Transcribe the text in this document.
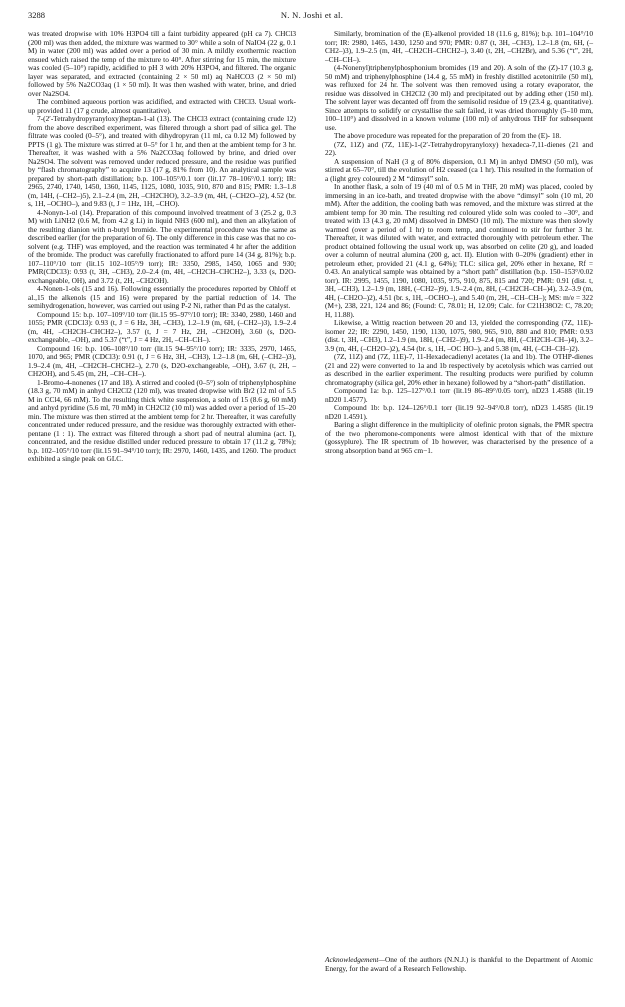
3288	N. N. Joshi et al.

was treated dropwise with 10% H3PO4 till a faint turbidity appeared (pH ca 7). CHCl3 (200 ml) was then added, the mixture was warmed to 30° while a soln of NaIO4 (22 g, 0.1 M) in water (200 ml) was added over a period of 30 min. A mildly exothermic reaction ensued which raised the temp of the mixture to 40°. After stirring for 15 min, the mixture was cooled (5–10°) rapidly, acidified to pH 3 with 20% H3PO4, and filtered. The organic layer was separated, and extracted (containing 2 × 50 ml) aq NaHCO3 (2 × 50 ml) followed by 5% Na2CO3aq (1 × 50 ml). It was then washed with water, brine, and dried over Na2SO4.

The combined aqueous portion was acidified, and extracted with CHCl3. Usual work-up provided 11 (17 g crude, almost quantitative).

7-(2′-Tetrahydropyranyloxy)heptan-1-al (13). The CHCl3 extract (containing crude 12) from the above described experiment, was filtered through a short pad of silica gel. The filtrate was cooled (0–5°), and treated with dihydropyran (11 ml, ca 0.12 M) followed by PPTS (1 g). The mixture was stirred at 0–5° for 1 hr, and then at the ambient temp for 3 hr. Thereafter, it was washed with a 5% Na2CO3aq followed by brine, and dried over Na2SO4. The solvent was removed under reduced pressure, and the residue was purified by “flash chromatography” to acquire 13 (17 g, 81% from 10). An analytical sample was prepared by short-path distillation; b.p. 100–105°/0.1 torr (lit.17 78–106°/0.1 torr); IR: 2965, 2740, 1740, 1450, 1360, 1145, 1125, 1080, 1035, 910, 870 and 815; PMR: 1.3–1.8 (m, 14H, (–CH2–)5), 2.1–2.4 (m, 2H, –CH2CHO), 3.2–3.9 (m, 4H, (–CH2O–)2), 4.52 (br. s, 1H, –OCHO–), and 9.83 (t, J = 1Hz, 1H, –CHO).

4-Nonyn-1-ol (14). Preparation of this compound involved treatment of 3 (25.2 g, 0.3 M) with LiNH2 (0.6 M, from 4.2 g Li) in liquid NH3 (600 ml), and then an alkylation of the resulting dianion with n-butyl bromide. The experimental procedure was the same as described earlier (for the preparation of 6). The only difference in this case was that no co-solvent (e.g. THF) was employed, and the reaction was terminated 4 hr after the addition of the bromide. The product was carefully fractionated to afford pure 14 (34 g, 81%); b.p. 107–110°/10 torr (lit.15 102–105°/9 torr); IR: 3350, 2985, 1450, 1065 and 930; PMR(CDCl3): 0.93 (t, 3H, –CH3), 2.0–2.4 (m, 4H, –CH2CH–CHCH2–), 3.33 (s, D2O-exchangeable, OH), and 3.72 (t, 2H, –CH2OH).

4-Nonen-1-ols (15 and 16). Following essentially the procedures reported by Ohloff et al.,15 the alkenols (15 and 16) were prepared by the partial reduction of 14. The semihydrogenation, however, was carried out using P-2 Ni, rather than Pd as the catalyst.

Compound 15: b.p. 107–109°/10 torr (lit.15 95–97°/10 torr); IR: 3340, 2980, 1460 and 1055; PMR (CDCl3): 0.93 (t, J = 6 Hz, 3H, –CH3), 1.2–1.9 (m, 6H, (–CH2–)3), 1.9–2.4 (m, 4H, –CH2CH–CHCH2–), 3.57 (t, J = 7 Hz, 2H, –CH2OH), 3.60 (s, D2O-exchangeable, –OH), and 5.37 (“t”, J = 4 Hz, 2H, –CH–CH–).

Compound 16: b.p. 106–108°/10 torr (lit.15 94–95°/10 torr); IR: 3335, 2970, 1465, 1070, and 965; PMR (CDCl3): 0.91 (t, J = 6 Hz, 3H, –CH3), 1.2–1.8 (m, 6H, (–CH2–)3), 1.9–2.4 (m, 4H, –CH2CH–CHCH2–), 2.70 (s, D2O-exchangeable, –OH), 3.67 (t, 2H, –CH2OH), and 5.45 (m, 2H, –CH–CH–).

1-Bromo-4-nonenes (17 and 18). A stirred and cooled (0–5°) soln of triphenylphosphine (18.3 g, 70 mM) in anhyd CH2Cl2 (120 ml), was treated dropwise with Br2 (12 ml of 5.5 M in CCl4, 66 mM). To the resulting thick white suspension, a soln of 15 (8.6 g, 60 mM) and anhyd pyridine (5.6 ml, 70 mM) in CH2Cl2 (10 ml) was added over a period of 15–20 min. The mixture was then stirred at the ambient temp for 2 hr. Thereafter, it was carefully concentrated under reduced pressure, and the residue was thoroughly extracted with ether-pentane (1 : 1). The extract was filtered through a short pad of neutral alumina (act. I), concentrated, and the residue distilled under reduced pressure to obtain 17 (11.2 g, 78%); b.p. 102–105°/10 torr (lit.15 91–94°/10 torr); IR: 2970, 1460, 1435, and 1260. The product exhibited a single peak on GLC.

Similarly, bromination of the (E)-alkenol provided 18 (11.6 g, 81%); b.p. 101–104°/10 torr; IR: 2980, 1465, 1430, 1250 and 970; PMR: 0.87 (t, 3H, –CH3), 1.2–1.8 (m, 6H, (–CH2–)3), 1.9–2.5 (m, 4H, –CH2CH–CHCH2–), 3.40 (t, 2H, –CH2Br), and 5.36 (“t”, 2H, –CH–CH–).

(4-Nonenyl)triphenylphosphonium bromides (19 and 20). A soln of the (Z)-17 (10.3 g, 50 mM) and triphenylphosphine (14.4 g, 55 mM) in freshly distilled acetonitrile (50 ml), was refluxed for 24 hr. The solvent was then removed using a rotary evaporator, the residue was dissolved in CH2Cl2 (30 ml) and precipitated out by adding ether (150 ml). The solvent layer was decanted off from the semisolid residue of 19 (23.4 g, quantitative). Since attempts to solidify or crystallise the salt failed, it was dried thoroughly (5–10 mm, 100–110°) and dissolved in a known volume (100 ml) of anhydrous THF for subsequent use.

The above procedure was repeated for the preparation of 20 from the (E)- 18.

(7Z, 11Z) and (7Z, 11E)-1-(2′-Tetrahydropyranyloxy) hexadeca-7,11-dienes (21 and 22).

A suspension of NaH (3 g of 80% dispersion, 0.1 M) in anhyd DMSO (50 ml), was stirred at 65–70°, till the evolution of H2 ceased (ca 1 hr). This resulted in the formation of a (light grey coloured) 2 M “dimsyl” soln.

In another flask, a soln of 19 (40 ml of 0.5 M in THF, 20 mM) was placed, cooled by immersing in an ice-bath, and treated dropwise with the above “dimsyl” soln (10 ml, 20 mM). After the addition, the cooling bath was removed, and the mixture was stirred at the ambient temp for 30 min. The resulting red coloured ylide soln was cooled to –30°, and treated with 13 (4.3 g, 20 mM) dissolved in DMSO (10 ml). The mixture was then slowly warmed (over a period of 1 hr) to room temp, and continued to stir for further 3 hr. Thereafter, it was diluted with water, and extracted thoroughly with petroleum ether. The product obtained following the usual work up, was absorbed on celite (20 g), and loaded over a column of neutral alumina (200 g, act. II). Elution with 0–20% (gradient) ether in petroleum ether, provided 21 (4.1 g, 64%); TLC: silica gel, 20% ether in hexane, Rf = 0.43. An analytical sample was obtained by a “short path” distillation (b.p. 150–153°/0.02 torr). IR: 2995, 1455, 1190, 1080, 1035, 975, 910, 875, 815 and 720; PMR: 0.91 (dist. t, 3H, –CH3), 1.2–1.9 (m, 18H, (–CH2–)9), 1.9–2.4 (m, 8H, (–CH2CH–CH–)4), 3.2–3.9 (m, 4H, (–CH2O–)2), 4.51 (br. s, 1H, –OCHO–), and 5.40 (m, 2H, –CH–CH–); MS: m/e = 322 (M+), 238, 221, 124 and 86; (Found: C, 78.01; H, 12.09; Calc. for C21H38O2: C, 78.20; H, 11.88).

Likewise, a Wittig reaction between 20 and 13, yielded the corresponding (7Z, 11E)-isomer 22; IR: 2290, 1450, 1190, 1130, 1075, 980, 965, 910, 880 and 810; PMR: 0.93 (dist. t, 3H, –CH3), 1.2–1.9 (m, 18H, (–CH2–)9), 1.9–2.4 (m, 8H, (–CH2CH–CH–)4), 3.2–3.9 (m, 4H, (–CH2O–)2), 4.54 (br. s, 1H, –OC HO–), and 5.38 (m, 4H, (–CH–CH–)2).

(7Z, 11Z) and (7Z, 11E)-7, 11-Hexadecadienyl acetates (1a and 1b). The OTHP-dienes (21 and 22) were converted to 1a and 1b respectively by acetolysis which was carried out as described in the earlier experiment. The resulting products were purified by column chromatography (silica gel, 20% ether in hexane) followed by a “short-path” distillation.

Compound 1a: b.p. 125–127°/0.1 torr (lit.19 86–89°/0.05 torr), nD23 1.4588 (lit.19 nD20 1.4577).

Compound 1b: b.p. 124–126°/0.1 torr (lit.19 92–94°/0.8 torr), nD23 1.4585 (lit.19 nD20 1.4591).

Baring a slight difference in the multiplicity of olefinic proton signals, the PMR spectra of the two pheromone-components were almost identical with that of the mixture (gossyplure). The IR spectrum of 1b however, was characterised by the presence of a strong absorption band at 965 cm−1.

Acknowledgement—One of the authors (N.N.J.) is thankful to the Department of Atomic Energy, for the award of a Research Fellowship.
